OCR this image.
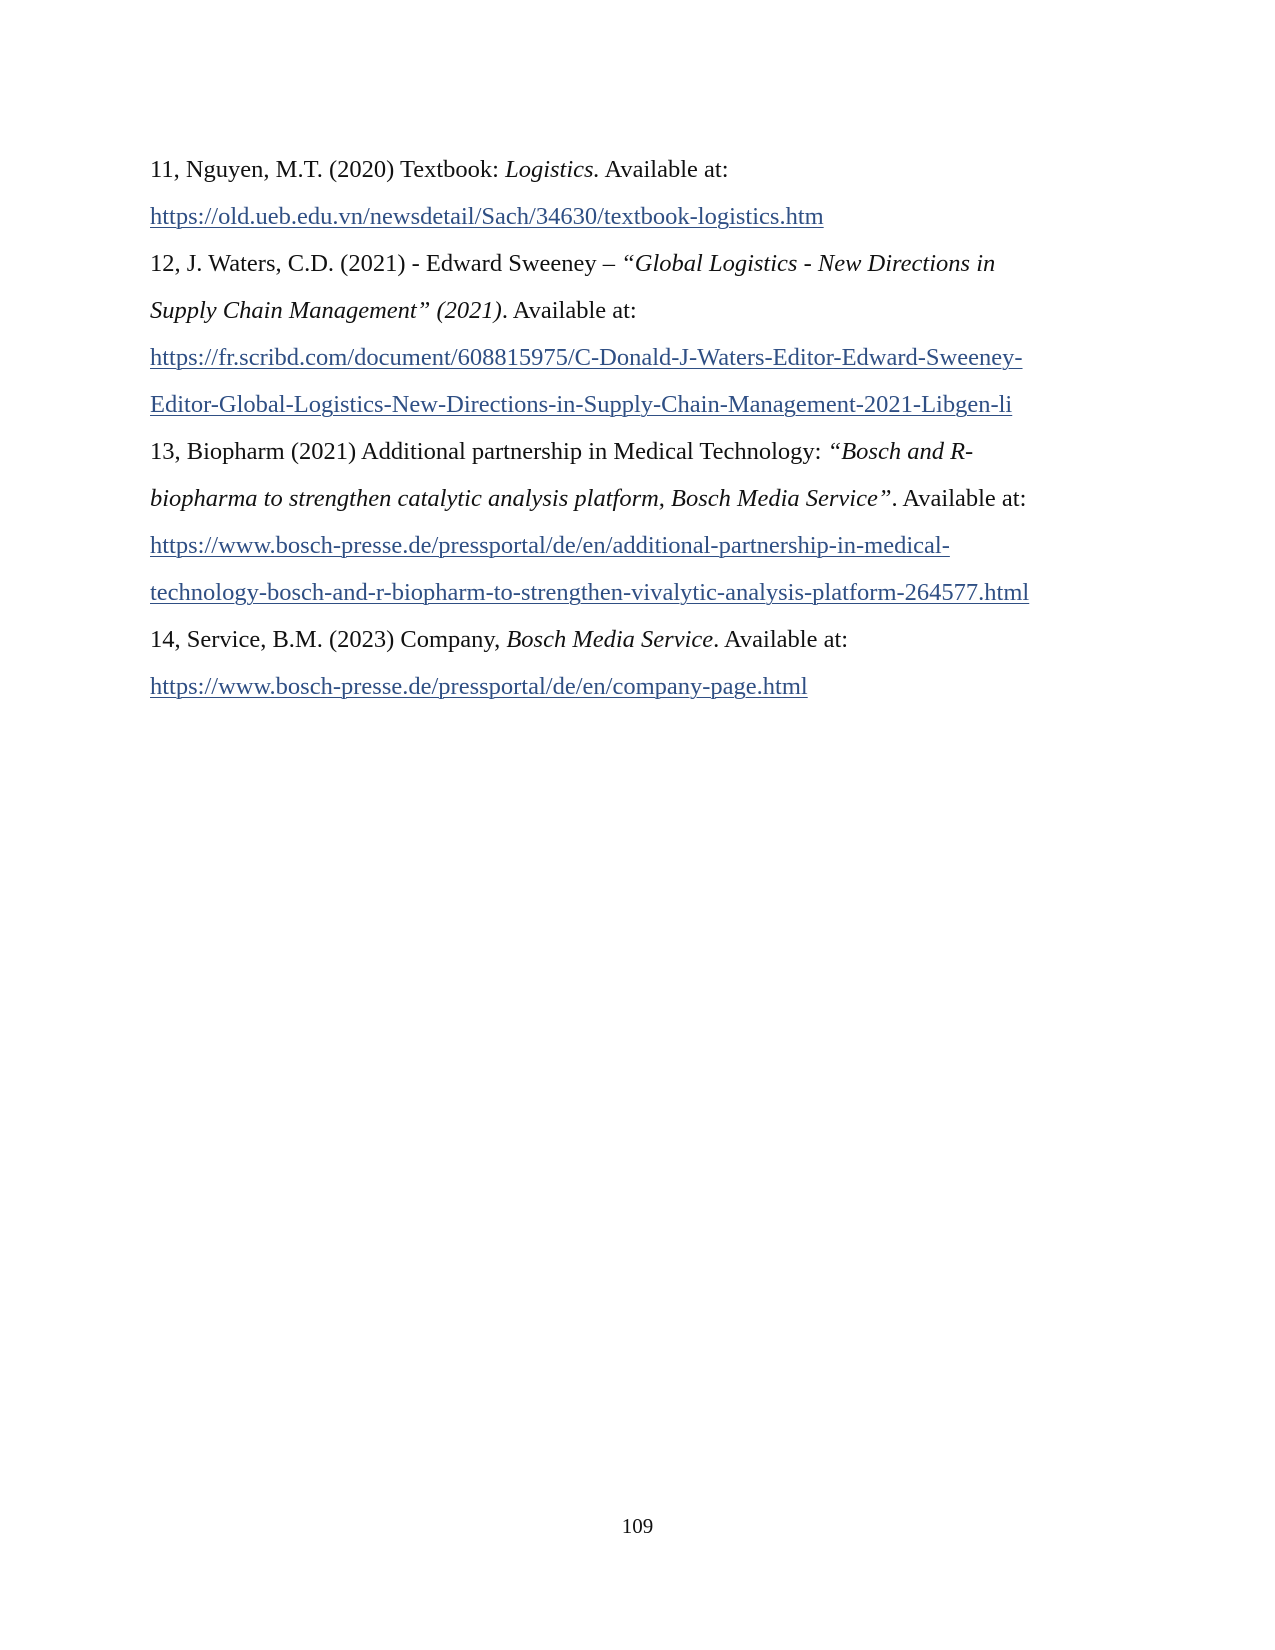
11, Nguyen, M.T. (2020) Textbook: Logistics. Available at:
https://old.ueb.edu.vn/newsdetail/Sach/34630/textbook-logistics.htm
12, J. Waters, C.D. (2021) - Edward Sweeney – “Global Logistics - New Directions in
Supply Chain Management” (2021). Available at:
https://fr.scribd.com/document/608815975/C-Donald-J-Waters-Editor-Edward-Sweeney-
Editor-Global-Logistics-New-Directions-in-Supply-Chain-Management-2021-Libgen-li
13, Biopharm (2021) Additional partnership in Medical Technology: “Bosch and R-
biopharma to strengthen catalytic analysis platform, Bosch Media Service”. Available at:
https://www.bosch-presse.de/pressportal/de/en/additional-partnership-in-medical-
technology-bosch-and-r-biopharm-to-strengthen-vivalytic-analysis-platform-264577.html
14, Service, B.M. (2023) Company, Bosch Media Service. Available at:
https://www.bosch-presse.de/pressportal/de/en/company-page.html
109
